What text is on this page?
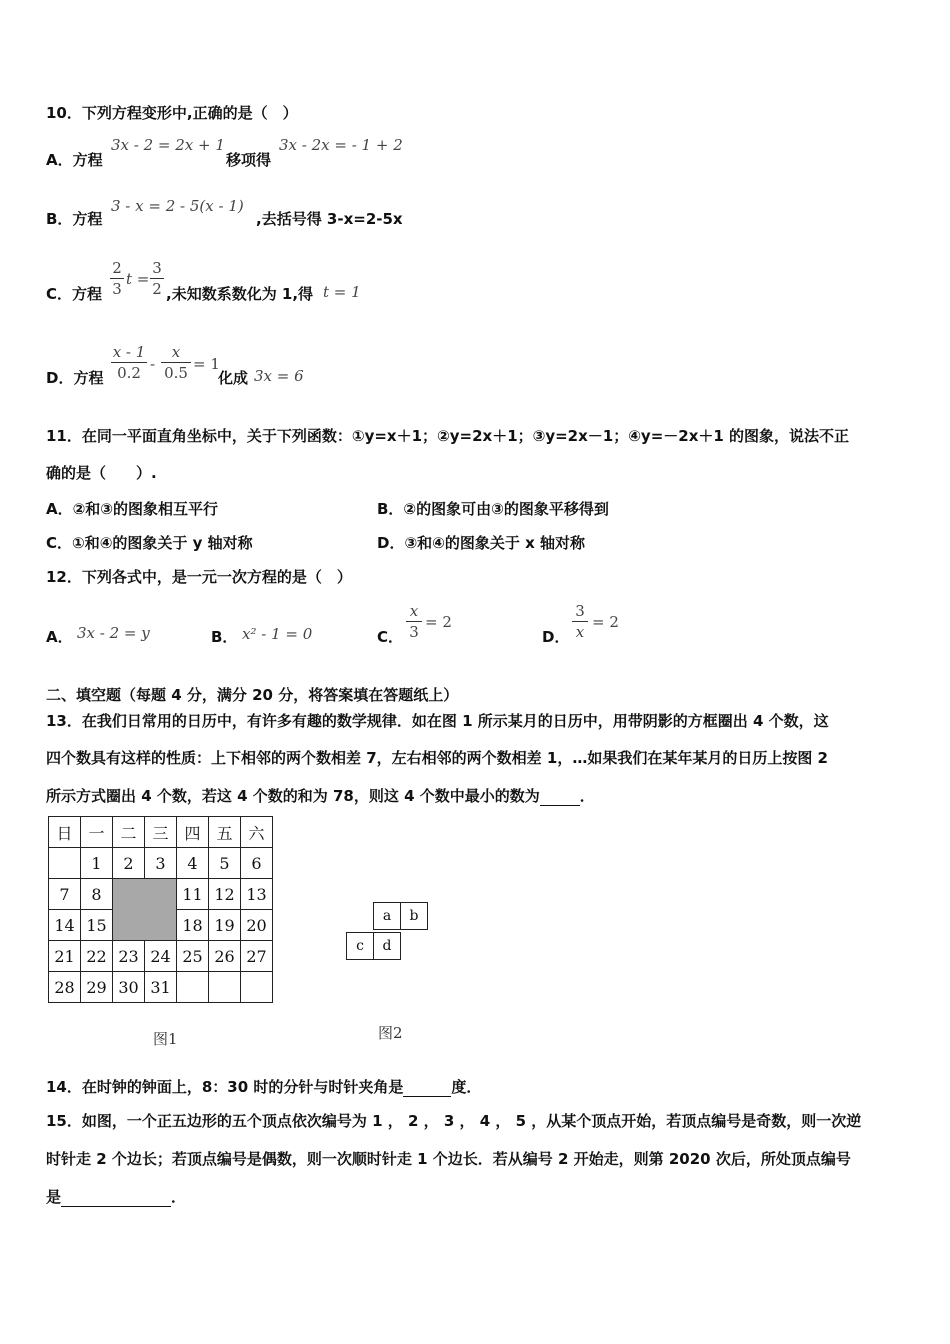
10．下列方程变形中,正确的是（　）
A．方程
3x - 2 = 2x + 1
移项得
3x - 2x = - 1 + 2
B．方程
3 - x = 2 - 5(x - 1)
,去括号得 3-x=2-5x
C．方程
2
3
t =
3
2 ,未知数系数化为 1,得 t = 1
D．方程
x - 1
0.2 -
x
0.5 = 1
化成 3x = 6
11．在同一平面直角坐标中，关于下列函数：①y=x＋1；②y=2x＋1；③y=2x－1；④y=－2x＋1 的图象，说法不正
确的是（　　）.
A．②和③的图象相互平行	B．②的图象可由③的图象平移得到
C．①和④的图象关于 y 轴对称	D．③和④的图象关于 x 轴对称
12．下列各式中，是一元一次方程的是（　）
A． 3x - 2 = y	B． x² - 1 = 0	C．
x
3
= 2
D．
3
x
= 2
二、填空题（每题 4 分，满分 20 分，将答案填在答题纸上）
13．在我们日常用的日历中，有许多有趣的数学规律．如在图 1 所示某月的日历中，用带阴影的方框圈出 4 个数，这
四个数具有这样的性质：上下相邻的两个数相差 7，左右相邻的两个数相差 1，…如果我们在某年某月的日历上按图 2
所示方式圈出 4 个数，若这 4 个数的和为 78，则这 4 个数中最小的数为	．
日	一	二	三	四	五	六
	1	2	3	4	5	6
7	8			11	12	13
14	15			18	19	20
21	22	23	24	25	26	27
28	29	30	31			
图1
a	b
c	d
图2
14．在时钟的钟面上，8：30 时的分针与时针夹角是	度．
15．如图，一个正五边形的五个顶点依次编号为 1 ， 2 ， 3 ， 4 ， 5 ，从某个顶点开始，若顶点编号是奇数，则一次逆
时针走 2 个边长；若顶点编号是偶数，则一次顺时针走 1 个边长．若从编号 2 开始走，则第 2020 次后，所处顶点编号
是	．
